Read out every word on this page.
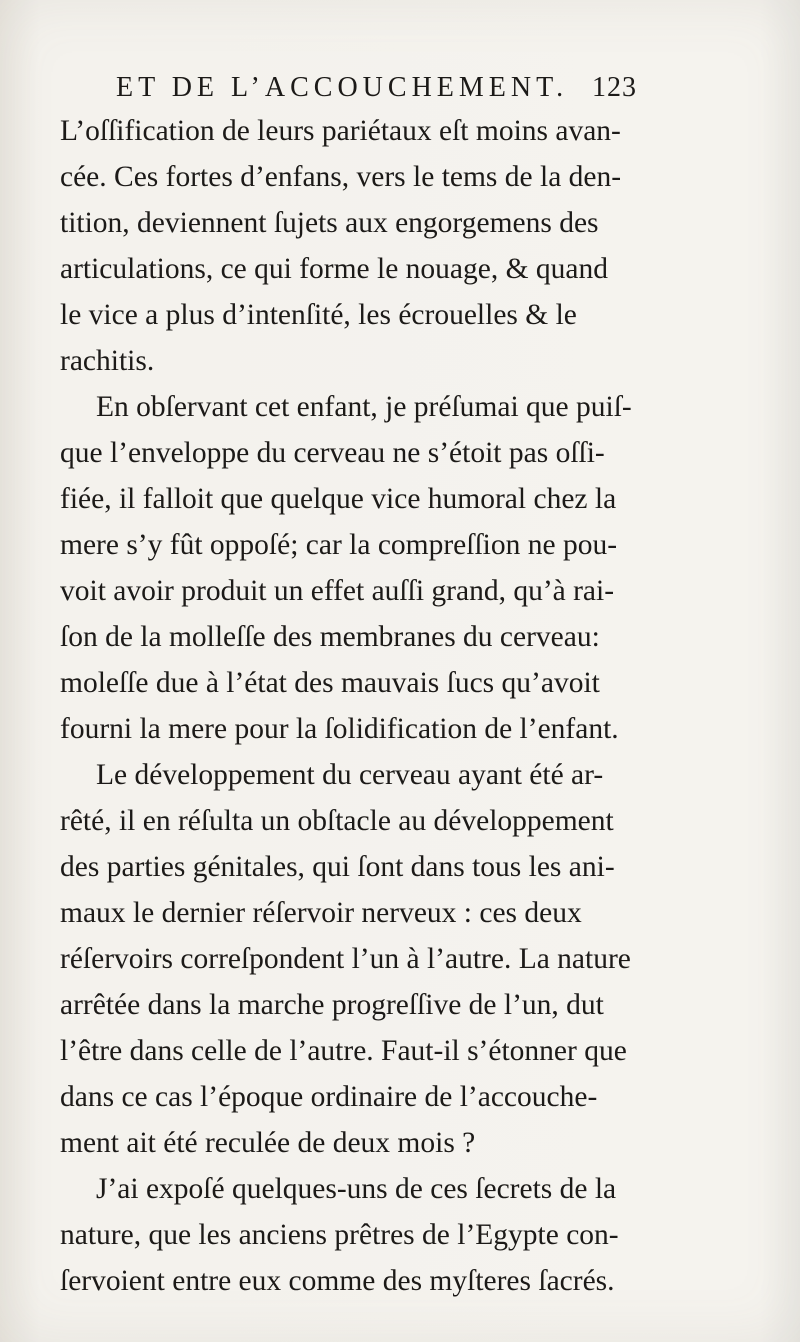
ET DE L’ACCOUCHEMENT. 123
L’oſſification de leurs pariétaux eſt moins avan-
cée. Ces fortes d’enfans, vers le tems de la den-
tition, deviennent ſujets aux engorgemens des
articulations, ce qui forme le nouage, & quand
le vice a plus d’intenſité, les écrouelles & le
rachitis.
En obſervant cet enfant, je préſumai que puiſ-
que l’enveloppe du cerveau ne s’étoit pas oſſi-
fiée, il falloit que quelque vice humoral chez la
mere s’y fût oppoſé; car la compreſſion ne pou-
voit avoir produit un effet auſſi grand, qu’à rai-
ſon de la molleſſe des membranes du cerveau:
moleſſe due à l’état des mauvais ſucs qu’avoit
fourni la mere pour la ſolidification de l’enfant.
Le développement du cerveau ayant été ar-
rêté, il en réſulta un obſtacle au développement
des parties génitales, qui ſont dans tous les ani-
maux le dernier réſervoir nerveux : ces deux
réſervoirs correſpondent l’un à l’autre. La nature
arrêtée dans la marche progreſſive de l’un, dut
l’être dans celle de l’autre. Faut-il s’étonner que
dans ce cas l’époque ordinaire de l’accouche-
ment ait été reculée de deux mois ?
J’ai expoſé quelques-uns de ces ſecrets de la
nature, que les anciens prêtres de l’Egypte con-
ſervoient entre eux comme des myſteres ſacrés.
